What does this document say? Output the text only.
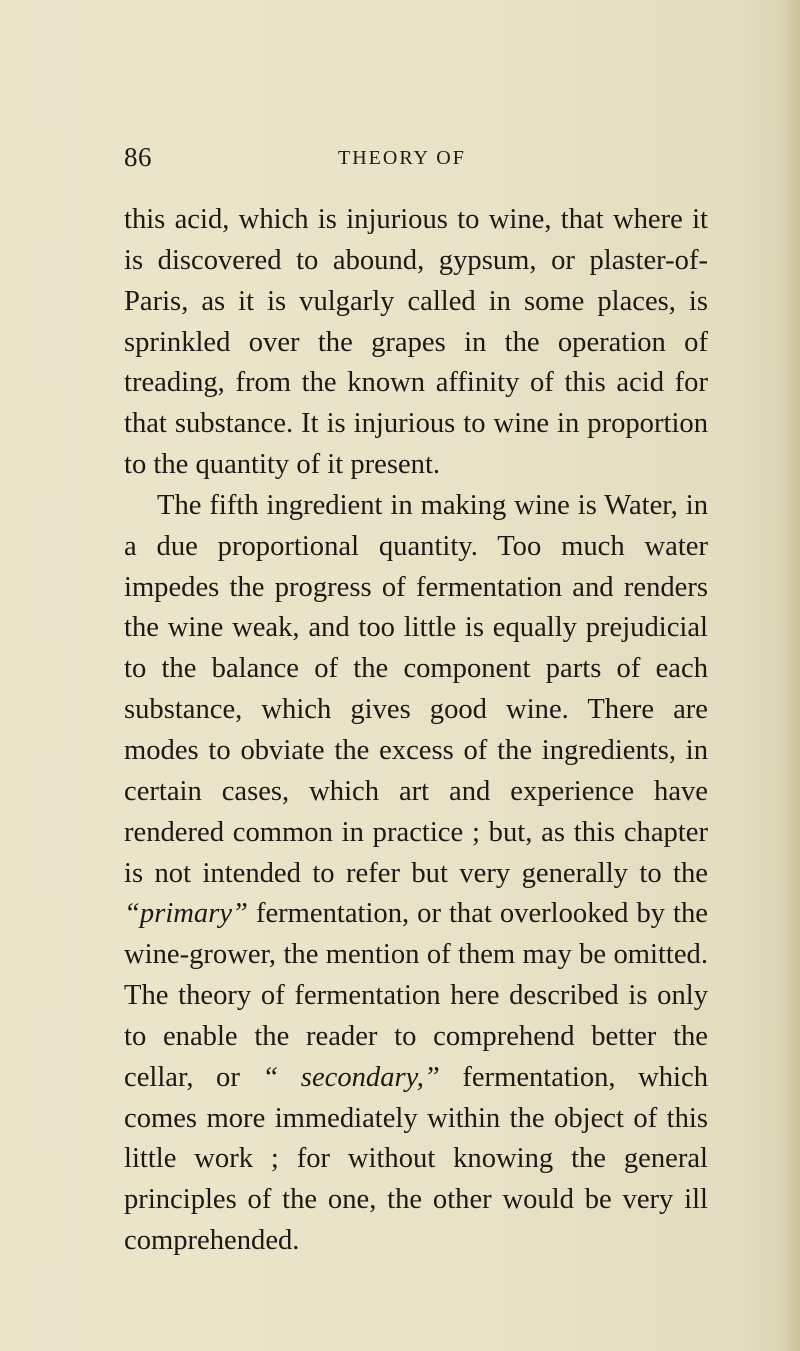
86	THEORY OF

this acid, which is injurious to wine, that where it is discovered to abound, gypsum, or plaster-of-Paris, as it is vulgarly called in some places, is sprinkled over the grapes in the operation of treading, from the known affinity of this acid for that substance. It is injurious to wine in proportion to the quantity of it present.

The fifth ingredient in making wine is Water, in a due proportional quantity. Too much water impedes the progress of fermentation and renders the wine weak, and too little is equally prejudicial to the balance of the component parts of each substance, which gives good wine. There are modes to obviate the excess of the ingredients, in certain cases, which art and experience have rendered common in practice ; but, as this chapter is not intended to refer but very generally to the “primary” fermentation, or that overlooked by the wine-grower, the mention of them may be omitted. The theory of fermentation here described is only to enable the reader to comprehend better the cellar, or “ secondary,” fermentation, which comes more immediately within the object of this little work ; for without knowing the general principles of the one, the other would be very ill comprehended.
